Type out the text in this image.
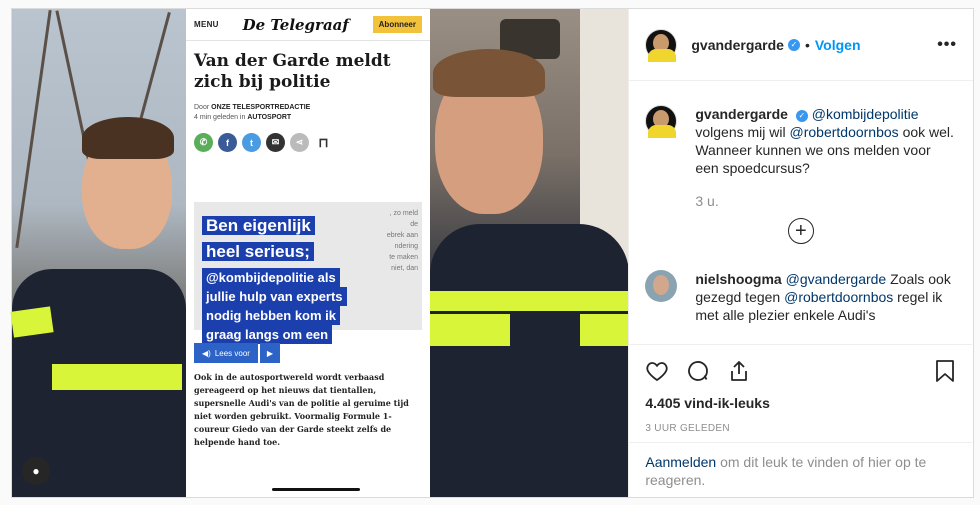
MENU De Telegraaf	Abonneer
Van der Garde meldt zich bij politie
Door ONZE TELESPORTREDACTIE
4 min geleden in AUTOSPORT
✆	f	t	✉	⋖	⊓
, zo meld
de
ebrek aan
ndering
te maken
niet, dan
Ben eigenlijk
heel serieus;
@kombijdepolitie als
jullie hulp van experts
nodig hebben kom ik
graag langs om een
◀) Lees voor	▶
Ook in de autosportwereld wordt verbaasd gereageerd op het nieuws dat tientallen, supersnelle Audi's van de politie al geruime tijd niet worden gebruikt. Voormalig Formule 1-coureur Giedo van der Garde steekt zelfs de helpende hand toe.
●
gvandergarde ✓ • Volgen	•••
gvandergarde ✓ @kombijdepolitie volgens mij wil @robertdoornbos ook wel. Wanneer kunnen we ons melden voor een spoedcursus?
3 u.
+
nielshoogma @gvandergarde Zoals ook gezegd tegen @robertdoornbos regel ik met alle plezier enkele Audi's
4.405 vind-ik-leuks
3 UUR GELEDEN
Aanmelden om dit leuk te vinden of hier op te reageren.
